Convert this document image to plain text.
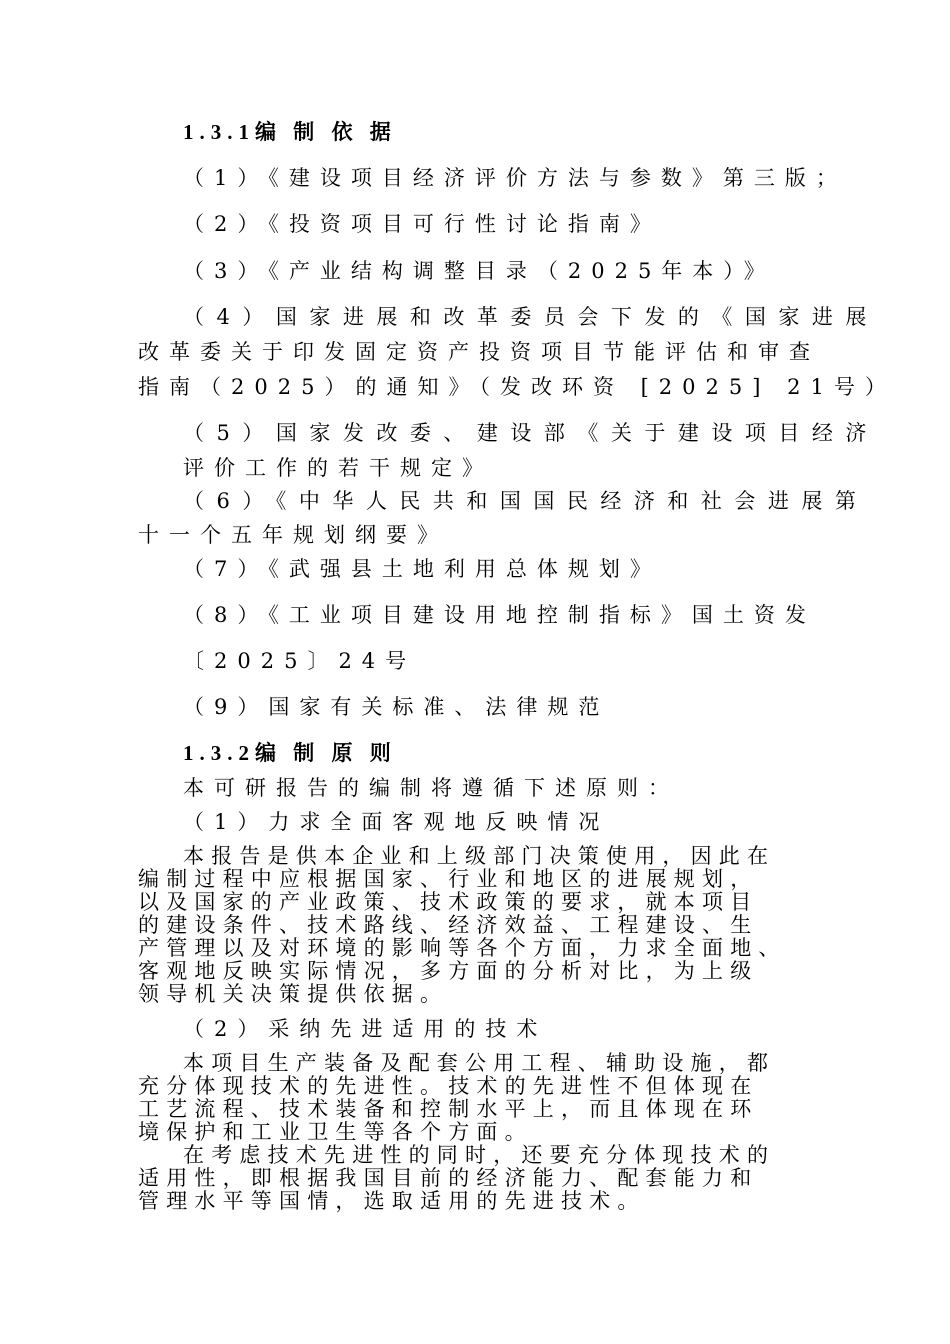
1.3.1编 制 依 据
（1）《建设项目经济评价方法与参数》第三版；
（2）《投资项目可行性讨论指南》
（3）《产业结构调整目录（2025年本）》
（4）国家进展和改革委员会下发的《国家进展
改革委关于印发固定资产投资项目节能评估和审查
指南（2025）的通知》（发改环资 [2025] 21号）
（5）国家发改委、建设部《关于建设项目经济
评价工作的若干规定》
（6）《中华人民共和国国民经济和社会进展第
十一个五年规划纲要》
（7）《武强县土地利用总体规划》
（8）《工业项目建设用地控制指标》国土资发
〔2025〕24号
（9）国家有关标准、法律规范
1.3.2编 制 原 则
本可研报告的编制将遵循下述原则：
（1）力求全面客观地反映情况
本报告是供本企业和上级部门决策使用，因此在
编制过程中应根据国家、行业和地区的进展规划，
以及国家的产业政策、技术政策的要求，就本项目
的建设条件、技术路线、经济效益、工程建设、生
产管理以及对环境的影响等各个方面，力求全面地、
客观地反映实际情况，多方面的分析对比，为上级
领导机关决策提供依据。
（2）采纳先进适用的技术
本项目生产装备及配套公用工程、辅助设施，都
充分体现技术的先进性。技术的先进性不但体现在
工艺流程、技术装备和控制水平上，而且体现在环
境保护和工业卫生等各个方面。
在考虑技术先进性的同时，还要充分体现技术的
适用性，即根据我国目前的经济能力、配套能力和
管理水平等国情，选取适用的先进技术。
